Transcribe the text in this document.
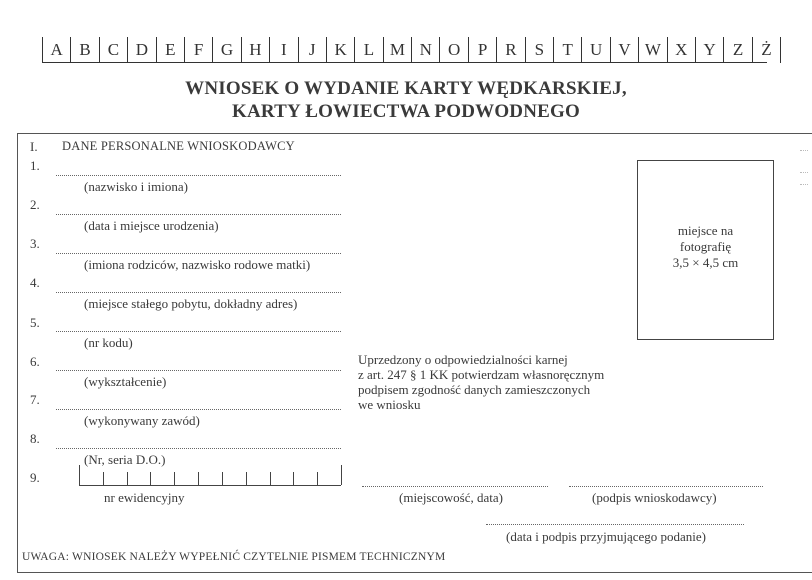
A B	C D	E	F	G H	I	J	K	L M N O	P	R	S	T	U V W X Y	Z	Ż
WNIOSEK O WYDANIE KARTY WĘDKARSKIEJ,
KARTY ŁOWIECTWA PODWODNEGO
I. DANE PERSONALNE WNIOSKODAWCY
1.
(nazwisko i imiona)
2.
(data i miejsce urodzenia)
3.
(imiona rodziców, nazwisko rodowe matki)
4.
(miejsce stałego pobytu, dokładny adres)
5.
(nr kodu)
6.
(wykształcenie)
7.
(wykonywany zawód)
8.
(Nr, seria D.O.)
9.
nr ewidencyjny
miejsce na
fotografię
3,5 × 4,5 cm
Uprzedzony o odpowiedzialności karnej
z art. 247 § 1 KK potwierdzam własnoręcznym
podpisem zgodność danych zamieszczonych
we wniosku
(miejscowość, data)	(podpis wnioskodawcy)
(data i podpis przyjmującego podanie)
UWAGA: WNIOSEK NALEŻY WYPEŁNIĆ CZYTELNIE PISMEM TECHNICZNYM
